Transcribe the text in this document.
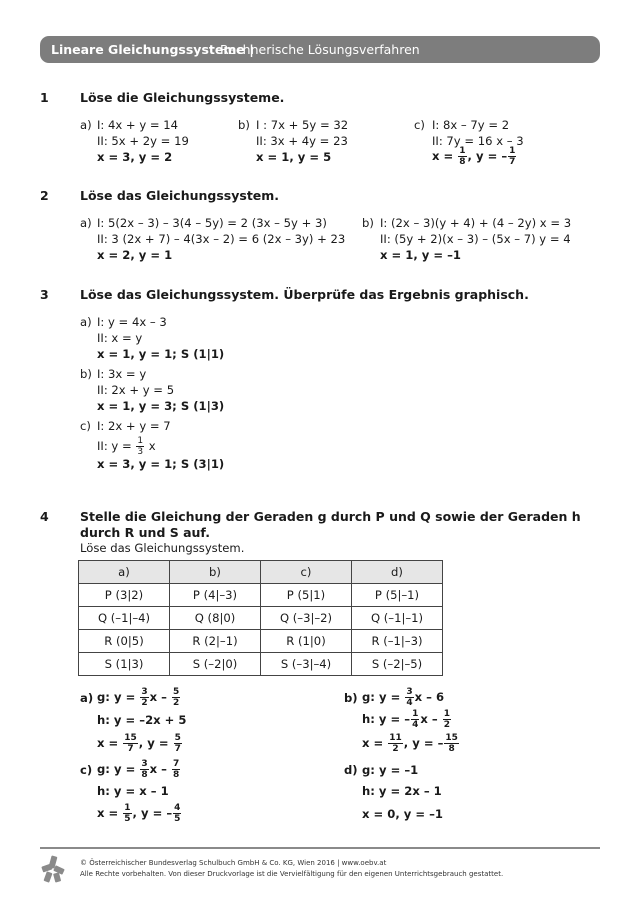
Lineare Gleichungssysteme |
Rechnerische Lösungsverfahren
1	Löse die Gleichungssysteme.
a) I: 4x + y = 14
II: 5x + 2y = 19
x = 3, y = 2
b) I : 7x + 5y = 32
II: 3x + 4y = 23
x = 1, y = 5
c) I: 8x – 7y = 2
II: 7y = 16 x – 3
$x = \frac{1}{8}$ , y = – $\frac{1}{7}$
2	Löse das Gleichungssystem.
a) I: 5(2x – 3) – 3(4 – 5y) = 2 (3x – 5y + 3)
II: 3 (2x + 7) – 4(3x – 2) = 6 (2x – 3y) + 23
x = 2, y = 1
b) I: (2x – 3)(y + 4) + (4 – 2y) x = 3
II: (5y + 2)(x – 3) – (5x – 7) y = 4
x = 1, y = –1
3	Löse das Gleichungssystem. Überprüfe das Ergebnis graphisch.
a) I: y = 4x – 3
II: x = y
x = 1, y = 1; S (1|1)
b) I: 3x = y
II: 2x + y = 5
x = 1, y = 3; S (1|3)
c) I: 2x + y = 7
II: $y = \frac{1}{3}$ x
x = 3, y = 1; S (3|1)
4	Stelle die Gleichung der Geraden g durch P und Q sowie der Geraden h
durch R und S auf.
Löse das Gleichungssystem.
a)	b)	c)	d)
P (3|2)	P (4|–3)	P (5|1)	P (5|–1)
Q (–1|–4)	Q (8|0)	Q (–3|–2)	Q (–1|–1)
R (0|5)	R (2|–1)	R (1|0)	R (–1|–3)
S (1|3)	S (–2|0)	S (–3|–4)	S (–2|–5)
a) g: $y = \frac{3}{2}$ x – $\frac{5}{2}$
h: y = –2x + 5
$x = \frac{15}{7}$ , $y = \frac{5}{7}$
b) g: $y = \frac{3}{4}$ x – 6
h: y = – $\frac{1}{4}$ x – $\frac{1}{2}$
$x = \frac{11}{2}$ , y = – $\frac{15}{8}$
c) g: $y = \frac{3}{8}$ x – $\frac{7}{8}$
h: y = x – 1
$x = \frac{1}{5}$ , y = – $\frac{4}{5}$
d) g: y = –1
h: y = 2x – 1
x = 0, y = –1
© Österreichischer Bundesverlag Schulbuch GmbH & Co. KG, Wien 2016 | www.oebv.at
Alle Rechte vorbehalten. Von dieser Druckvorlage ist die Vervielfältigung für den eigenen Unterrichtsgebrauch gestattet.
